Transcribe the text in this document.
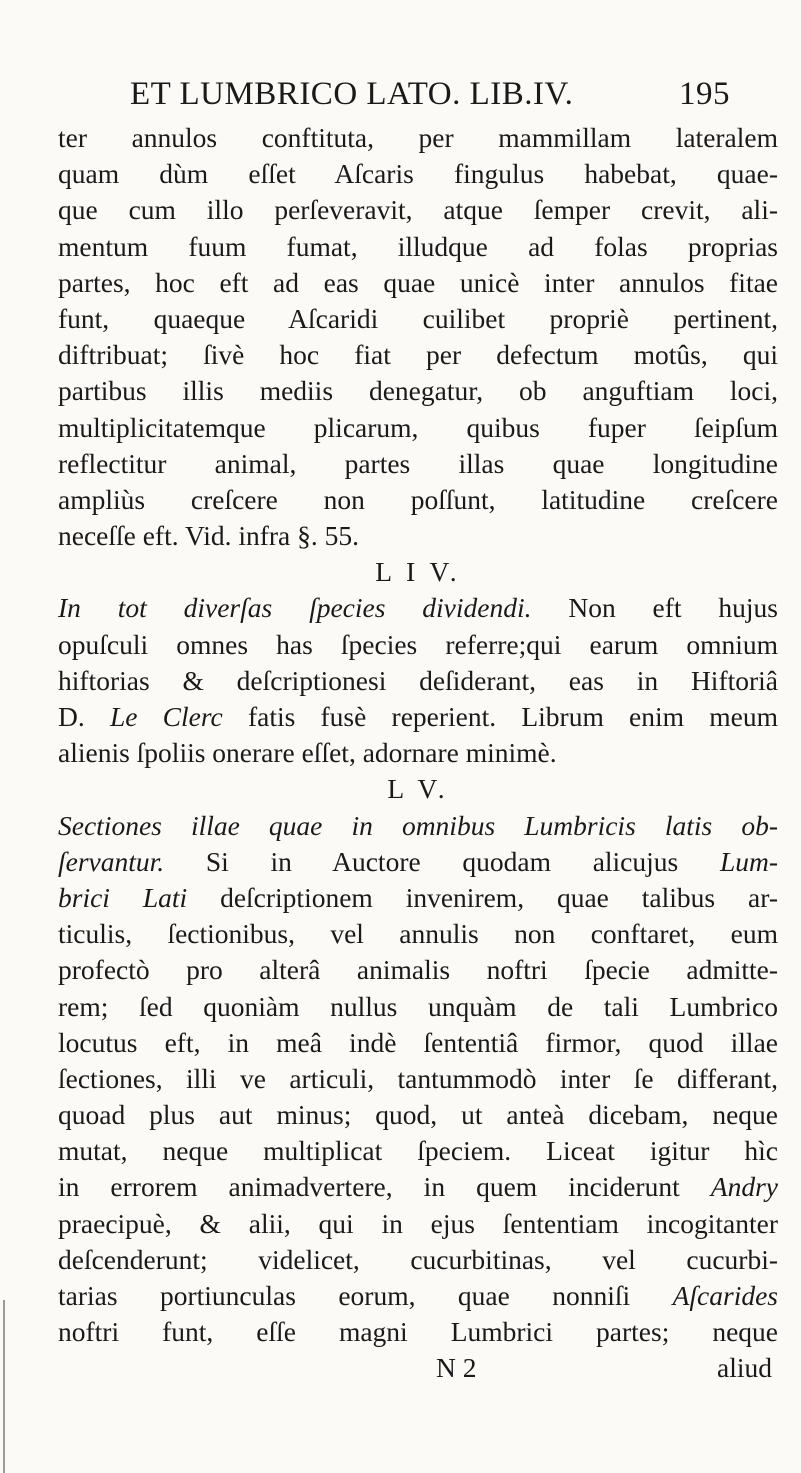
ET LUMBRICO LATO. LIB.IV.	195
ter annulos conftituta, per mammillam lateralem
quam dùm eſſet Aſcaris fingulus habebat, quae-
que cum illo perſeveravit, atque ſemper crevit, ali-
mentum fuum fumat, illudque ad folas proprias
partes, hoc eft ad eas quae unicè inter annulos fitae
funt, quaeque Aſcaridi cuilibet propriè pertinent,
diftribuat; ſivè hoc fiat per defectum motûs, qui
partibus illis mediis denegatur, ob anguftiam loci,
multiplicitatemque plicarum, quibus fuper ſeipſum
reflectitur animal, partes illas quae longitudine
ampliùs creſcere non poſſunt, latitudine creſcere
neceſſe eft. Vid. infra §. 55.
L I V.
In tot diverſas ſpecies dividendi. Non eft hujus
opuſculi omnes has ſpecies referre;qui earum omnium
hiftorias & deſcriptionesi deſiderant, eas in Hiftoriâ
D. Le Clerc fatis fusè reperient. Librum enim meum
alienis ſpoliis onerare eſſet, adornare minimè.
L V.
Sectiones illae quae in omnibus Lumbricis latis ob-
ſervantur. Si in Auctore quodam alicujus Lum-
brici Lati deſcriptionem invenirem, quae talibus ar-
ticulis, ſectionibus, vel annulis non conftaret, eum
profectò pro alterâ animalis noftri ſpecie admitte-
rem; ſed quoniàm nullus unquàm de tali Lumbrico
locutus eft, in meâ indè ſententiâ firmor, quod illae
ſectiones, illi ve articuli, tantummodò inter ſe differant,
quoad plus aut minus; quod, ut anteà dicebam, neque
mutat, neque multiplicat ſpeciem. Liceat igitur hìc
in errorem animadvertere, in quem inciderunt Andry
praecipuè, & alii, qui in ejus ſententiam incogitanter
deſcenderunt; videlicet, cucurbitinas, vel cucurbi-
tarias portiunculas eorum, quae nonniſi Aſcarides
noftri funt, eſſe magni Lumbrici partes; neque
N 2	aliud
